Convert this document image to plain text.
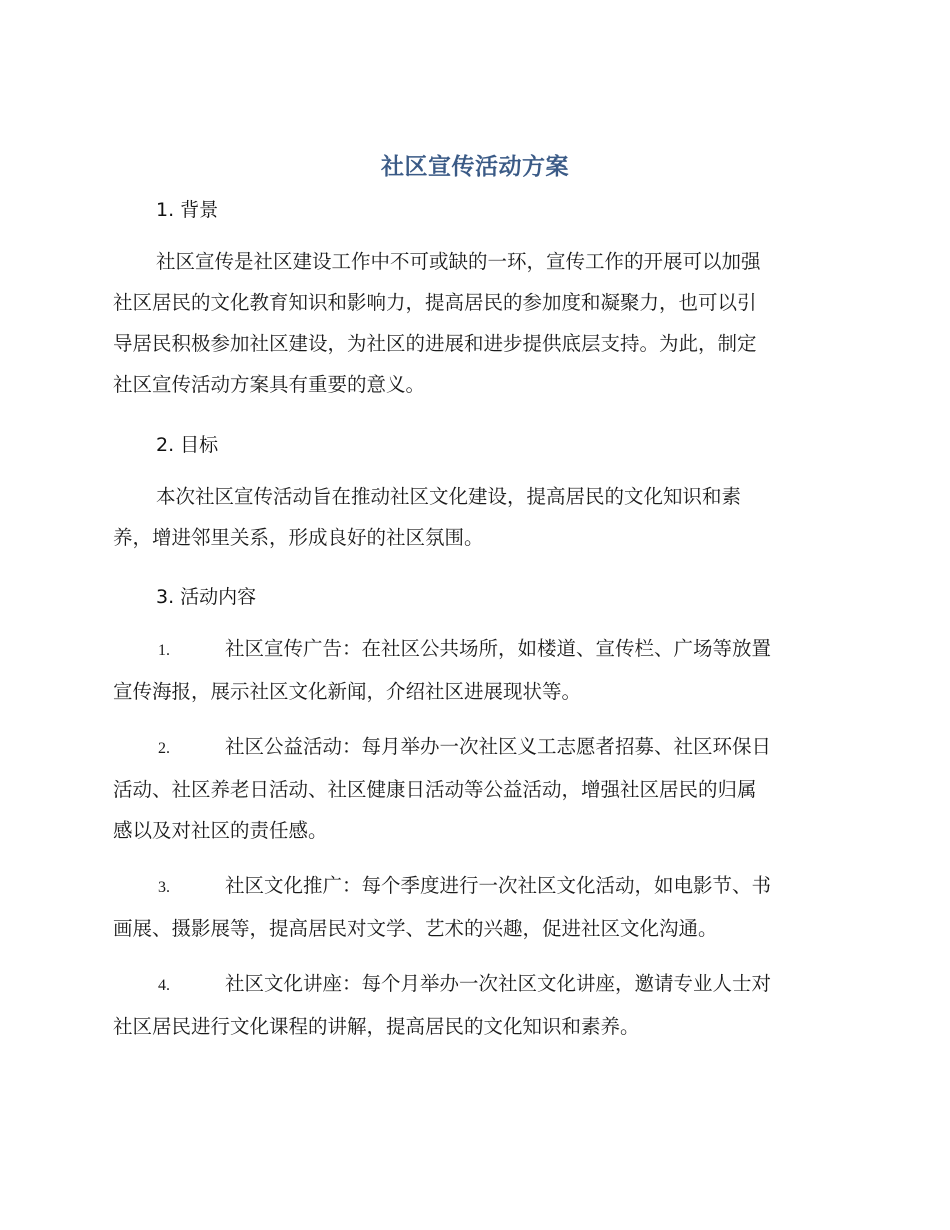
社区宣传活动方案
1. 背景
社区宣传是社区建设工作中不可或缺的一环，宣传工作的开展可以加强
社区居民的文化教育知识和影响力，提高居民的参加度和凝聚力，也可以引
导居民积极参加社区建设，为社区的进展和进步提供底层支持。为此，制定
社区宣传活动方案具有重要的意义。
2. 目标
本次社区宣传活动旨在推动社区文化建设，提高居民的文化知识和素
养，增进邻里关系，形成良好的社区氛围。
3. 活动内容
1.	社区宣传广告：在社区公共场所，如楼道、宣传栏、广场等放置
宣传海报，展示社区文化新闻，介绍社区进展现状等。
2.	社区公益活动：每月举办一次社区义工志愿者招募、社区环保日
活动、社区养老日活动、社区健康日活动等公益活动，增强社区居民的归属
感以及对社区的责任感。
3.	社区文化推广：每个季度进行一次社区文化活动，如电影节、书
画展、摄影展等，提高居民对文学、艺术的兴趣，促进社区文化沟通。
4.	社区文化讲座：每个月举办一次社区文化讲座，邀请专业人士对
社区居民进行文化课程的讲解，提高居民的文化知识和素养。
